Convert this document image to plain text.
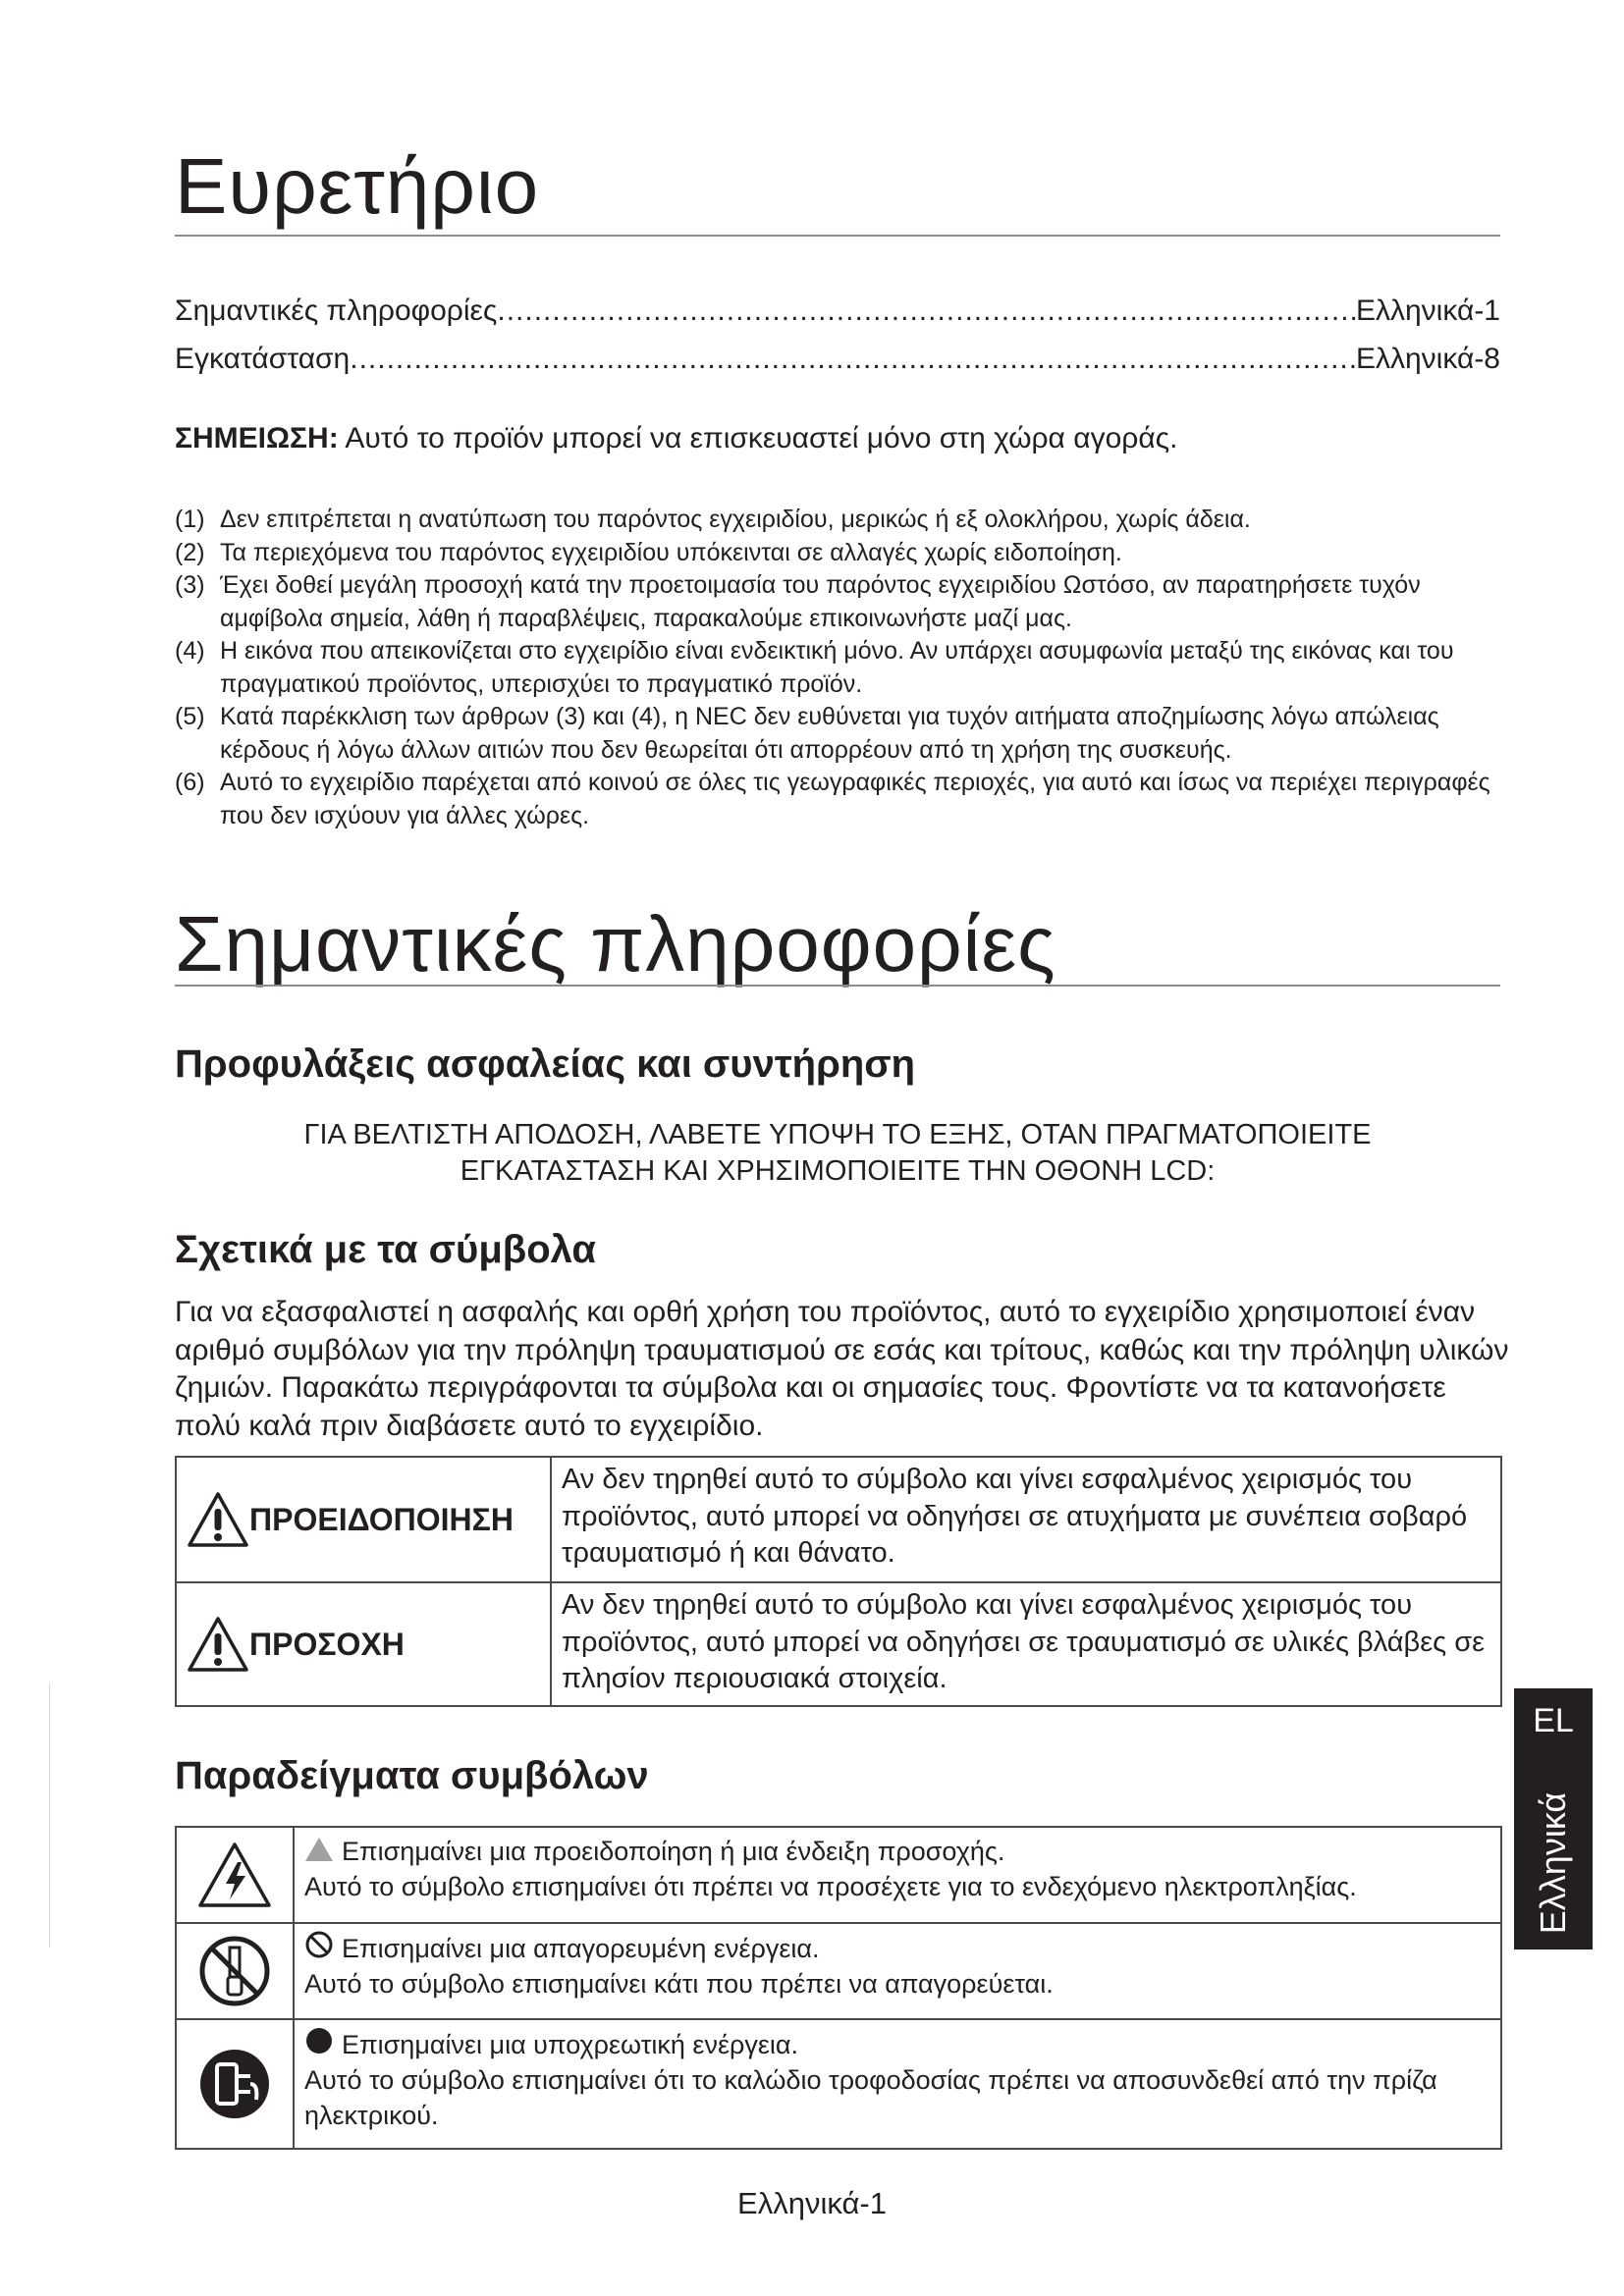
Ευρετήριο
Σημαντικές πληροφορίες .....	Ελληνικά-1
Εγκατάσταση .....	Ελληνικά-8
ΣΗΜΕΙΩΣΗ: Αυτό το προϊόν μπορεί να επισκευαστεί μόνο στη χώρα αγοράς.
(1) Δεν επιτρέπεται η ανατύπωση του παρόντος εγχειριδίου, μερικώς ή εξ ολοκλήρου, χωρίς άδεια.
(2) Τα περιεχόμενα του παρόντος εγχειριδίου υπόκεινται σε αλλαγές χωρίς ειδοποίηση.
(3) Έχει δοθεί μεγάλη προσοχή κατά την προετοιμασία του παρόντος εγχειριδίου Ωστόσο, αν παρατηρήσετε τυχόν αμφίβολα σημεία, λάθη ή παραβλέψεις, παρακαλούμε επικοινωνήστε μαζί μας.
(4) Η εικόνα που απεικονίζεται στο εγχειρίδιο είναι ενδεικτική μόνο. Αν υπάρχει ασυμφωνία μεταξύ της εικόνας και του πραγματικού προϊόντος, υπερισχύει το πραγματικό προϊόν.
(5) Κατά παρέκκλιση των άρθρων (3) και (4), η NEC δεν ευθύνεται για τυχόν αιτήματα αποζημίωσης λόγω απώλειας κέρδους ή λόγω άλλων αιτιών που δεν θεωρείται ότι απορρέουν από τη χρήση της συσκευής.
(6) Αυτό το εγχειρίδιο παρέχεται από κοινού σε όλες τις γεωγραφικές περιοχές, για αυτό και ίσως να περιέχει περιγραφές που δεν ισχύουν για άλλες χώρες.
Σημαντικές πληροφορίες
Προφυλάξεις ασφαλείας και συντήρηση
ΓΙΑ ΒΕΛΤΙΣΤΗ ΑΠΟΔΟΣΗ, ΛΑΒΕΤΕ ΥΠΟΨΗ ΤΟ ΕΞΗΣ, ΟΤΑΝ ΠΡΑΓΜΑΤΟΠΟΙΕΙΤΕ
ΕΓΚΑΤΑΣΤΑΣΗ ΚΑΙ ΧΡΗΣΙΜΟΠΟΙΕΙΤΕ ΤΗΝ ΟΘΟΝΗ LCD:
Σχετικά με τα σύμβολα
Για να εξασφαλιστεί η ασφαλής και ορθή χρήση του προϊόντος, αυτό το εγχειρίδιο χρησιμοποιεί έναν αριθμό συμβόλων για την πρόληψη τραυματισμού σε εσάς και τρίτους, καθώς και την πρόληψη υλικών ζημιών. Παρακάτω περιγράφονται τα σύμβολα και οι σημασίες τους. Φροντίστε να τα κατανοήσετε πολύ καλά πριν διαβάσετε αυτό το εγχειρίδιο.
ΠΡΟΕΙΔΟΠΟΙΗΣΗ	Αν δεν τηρηθεί αυτό το σύμβολο και γίνει εσφαλμένος χειρισμός του προϊόντος, αυτό μπορεί να οδηγήσει σε ατυχήματα με συνέπεια σοβαρό τραυματισμό ή και θάνατο.

ΠΡΟΣΟΧΗ	Αν δεν τηρηθεί αυτό το σύμβολο και γίνει εσφαλμένος χειρισμός του προϊόντος, αυτό μπορεί να οδηγήσει σε τραυματισμό σε υλικές βλάβες σε πλησίον περιουσιακά στοιχεία.
Παραδείγματα συμβόλων

Επισημαίνει μια προειδοποίηση ή μια ένδειξη προσοχής.
Αυτό το σύμβολο επισημαίνει ότι πρέπει να προσέχετε για το ενδεχόμενο ηλεκτροπληξίας.

Επισημαίνει μια απαγορευμένη ενέργεια.
Αυτό το σύμβολο επισημαίνει κάτι που πρέπει να απαγορεύεται.

Επισημαίνει μια υποχρεωτική ενέργεια.
Αυτό το σύμβολο επισημαίνει ότι το καλώδιο τροφοδοσίας πρέπει να αποσυνδεθεί από την πρίζα ηλεκτρικού.
EL
Ελληνικά
Ελληνικά-1
